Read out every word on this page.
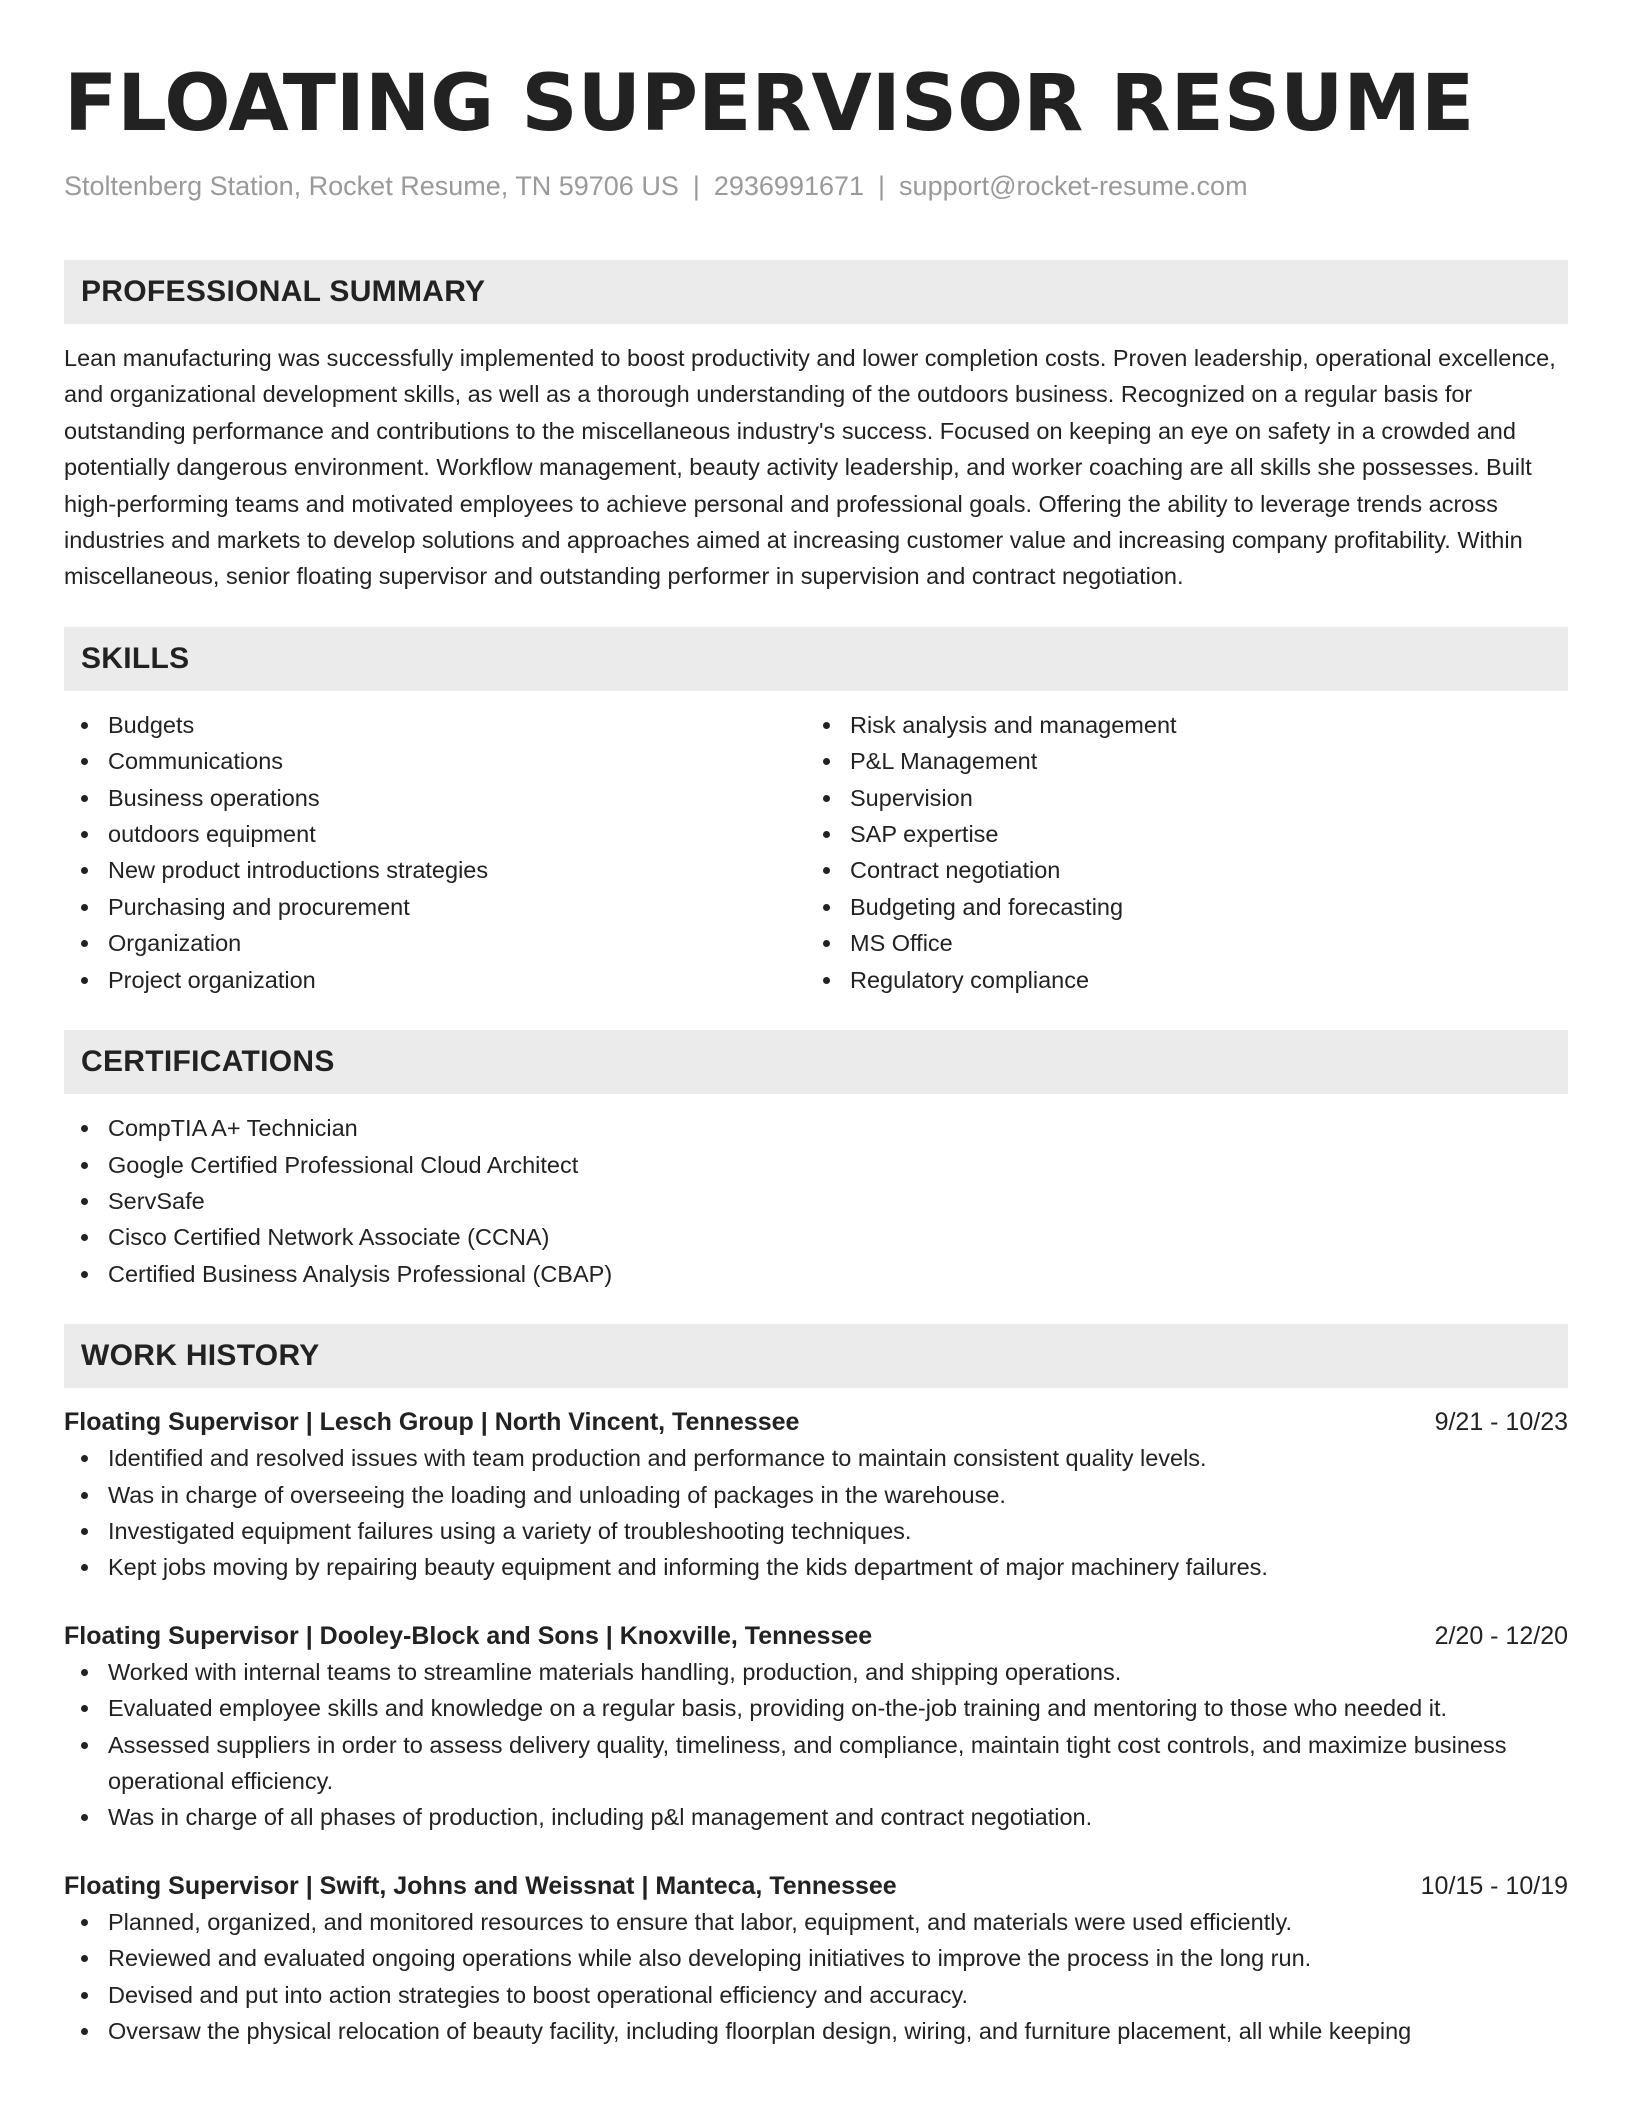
FLOATING SUPERVISOR RESUME
Stoltenberg Station, Rocket Resume, TN 59706 US | 2936991671 | support@rocket-resume.com
PROFESSIONAL SUMMARY

Lean manufacturing was successfully implemented to boost productivity and lower completion costs. Proven leadership, operational excellence, and organizational development skills, as well as a thorough understanding of the outdoors business. Recognized on a regular basis for outstanding performance and contributions to the miscellaneous industry's success. Focused on keeping an eye on safety in a crowded and potentially dangerous environment. Workflow management, beauty activity leadership, and worker coaching are all skills she possesses. Built high-performing teams and motivated employees to achieve personal and professional goals. Offering the ability to leverage trends across industries and markets to develop solutions and approaches aimed at increasing customer value and increasing company profitability. Within miscellaneous, senior floating supervisor and outstanding performer in supervision and contract negotiation.

SKILLS
Budgets
Communications
Business operations
outdoors equipment
New product introductions strategies
Purchasing and procurement
Organization
Project organization
Risk analysis and management
P&L Management
Supervision
SAP expertise
Contract negotiation
Budgeting and forecasting
MS Office
Regulatory compliance
CERTIFICATIONS
CompTIA A+ Technician
Google Certified Professional Cloud Architect
ServSafe
Cisco Certified Network Associate (CCNA)
Certified Business Analysis Professional (CBAP)
WORK HISTORY
Floating Supervisor | Lesch Group | North Vincent, Tennessee	9/21 - 10/23
Identified and resolved issues with team production and performance to maintain consistent quality levels.
Was in charge of overseeing the loading and unloading of packages in the warehouse.
Investigated equipment failures using a variety of troubleshooting techniques.
Kept jobs moving by repairing beauty equipment and informing the kids department of major machinery failures.
Floating Supervisor | Dooley-Block and Sons | Knoxville, Tennessee	2/20 - 12/20
Worked with internal teams to streamline materials handling, production, and shipping operations.
Evaluated employee skills and knowledge on a regular basis, providing on-the-job training and mentoring to those who needed it.
Assessed suppliers in order to assess delivery quality, timeliness, and compliance, maintain tight cost controls, and maximize business operational efficiency.
Was in charge of all phases of production, including p&l management and contract negotiation.
Floating Supervisor | Swift, Johns and Weissnat | Manteca, Tennessee	10/15 - 10/19
Planned, organized, and monitored resources to ensure that labor, equipment, and materials were used efficiently.
Reviewed and evaluated ongoing operations while also developing initiatives to improve the process in the long run.
Devised and put into action strategies to boost operational efficiency and accuracy.
Oversaw the physical relocation of beauty facility, including floorplan design, wiring, and furniture placement, all while keeping
